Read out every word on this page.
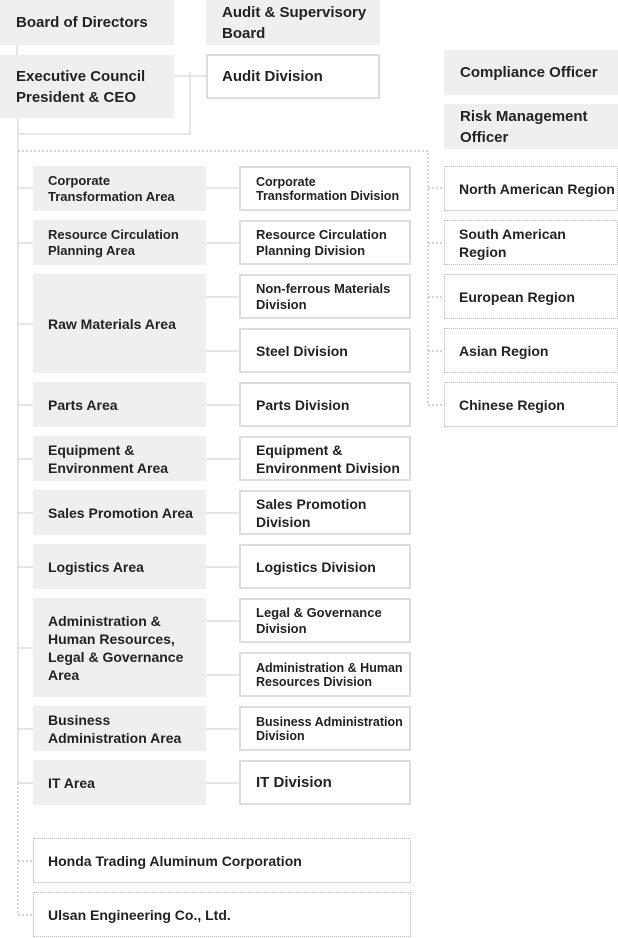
Board of Directors
Audit & Supervisory Board
Executive Council
President & CEO
Audit Division	Compliance Officer
Risk Management Officer
Corporate Transformation Area
Resource Circulation Planning Area
Raw Materials Area
Parts Area
Equipment & Environment Area
Sales Promotion Area
Logistics Area
Administration & Human Resources, Legal & Governance Area
Business Administration Area
IT Area
Corporate Transformation Division
Resource Circulation Planning Division
Non-ferrous Materials Division
Steel Division
Parts Division
Equipment & Environment Division
Sales Promotion Division
Logistics Division
Legal & Governance Division
Administration & Human Resources Division
Business Administration Division
IT Division
North American Region
South American Region
European Region
Asian Region
Chinese Region
Honda Trading Aluminum Corporation
Ulsan Engineering Co., Ltd.
